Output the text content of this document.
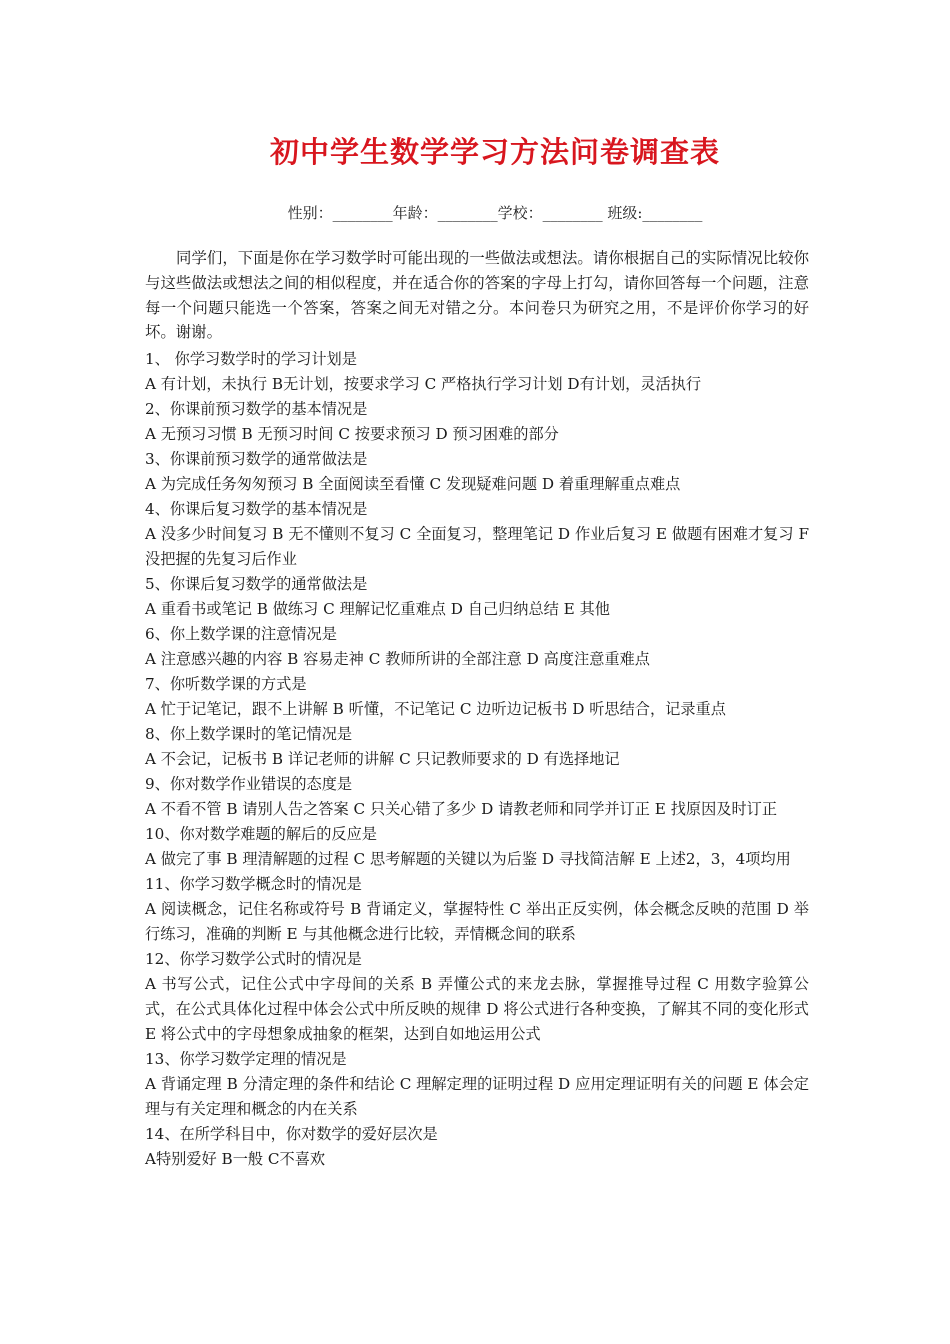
初中学生数学学习方法问卷调查表
性别：________年龄：________学校：________ 班级:________
同学们，下面是你在学习数学时可能出现的一些做法或想法。请你根据自己的实际情况比较你与这些做法或想法之间的相似程度，并在适合你的答案的字母上打勾，请你回答每一个问题，注意每一个问题只能选一个答案，答案之间无对错之分。本问卷只为研究之用，不是评价你学习的好坏。谢谢。
1、 你学习数学时的学习计划是
A 有计划，未执行 B无计划，按要求学习 C 严格执行学习计划 D有计划，灵活执行
2、你课前预习数学的基本情况是
A 无预习习惯 B 无预习时间 C 按要求预习 D 预习困难的部分
3、你课前预习数学的通常做法是
A 为完成任务匆匆预习 B 全面阅读至看懂 C 发现疑难问题 D 着重理解重点难点
4、你课后复习数学的基本情况是
A 没多少时间复习 B 无不懂则不复习 C 全面复习，整理笔记 D 作业后复习 E 做题有困难才复习 F 没把握的先复习后作业
5、你课后复习数学的通常做法是
A 重看书或笔记 B 做练习 C 理解记忆重难点 D 自己归纳总结 E 其他
6、你上数学课的注意情况是
A 注意感兴趣的内容 B 容易走神 C 教师所讲的全部注意 D 高度注意重难点
7、你听数学课的方式是
A 忙于记笔记，跟不上讲解 B 听懂，不记笔记 C 边听边记板书 D 听思结合，记录重点
8、你上数学课时的笔记情况是
A 不会记，记板书 B 详记老师的讲解 C 只记教师要求的 D 有选择地记
9、你对数学作业错误的态度是
A 不看不管 B 请别人告之答案 C 只关心错了多少 D 请教老师和同学并订正 E 找原因及时订正
10、你对数学难题的解后的反应是
A 做完了事 B 理清解题的过程 C 思考解题的关键以为后鉴 D 寻找简洁解 E 上述2，3，4项均用
11、你学习数学概念时的情况是
A 阅读概念，记住名称或符号 B 背诵定义，掌握特性 C 举出正反实例，体会概念反映的范围 D 举行练习，准确的判断 E 与其他概念进行比较，弄情概念间的联系
12、你学习数学公式时的情况是
A 书写公式，记住公式中字母间的关系 B 弄懂公式的来龙去脉，掌握推导过程 C 用数字验算公式，在公式具体化过程中体会公式中所反映的规律 D 将公式进行各种变换，了解其不同的变化形式 E 将公式中的字母想象成抽象的框架，达到自如地运用公式
13、你学习数学定理的情况是
A 背诵定理 B 分清定理的条件和结论 C 理解定理的证明过程 D 应用定理证明有关的问题 E 体会定理与有关定理和概念的内在关系
14、在所学科目中，你对数学的爱好层次是
A特别爱好 B一般 C不喜欢
